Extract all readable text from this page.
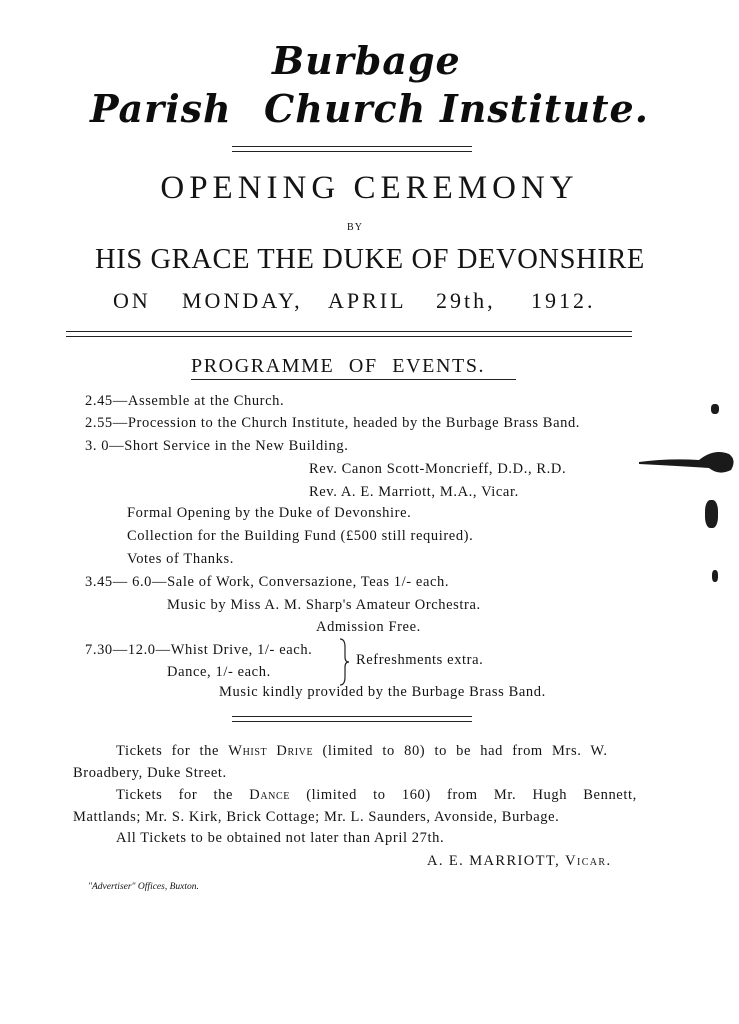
Burbage
Parish Church Institute.
OPENING CEREMONY
BY
HIS GRACE THE DUKE OF DEVONSHIRE
ON MONDAY, APRIL 29th, 1912.
PROGRAMME OF EVENTS.
2.45—Assemble at the Church.
2.55—Procession to the Church Institute, headed by the Burbage Brass Band.
3. 0—Short Service in the New Building.
Rev. Canon Scott-Moncrieff, D.D., R.D.
Rev. A. E. Marriott, M.A., Vicar.
Formal Opening by the Duke of Devonshire.
Collection for the Building Fund (£500 still required).
Votes of Thanks.
3.45— 6.0—Sale of Work, Conversazione, Teas 1/- each.
Music by Miss A. M. Sharp's Amateur Orchestra.
Admission Free.
7.30—12.0—Whist Drive, 1/- each.
Dance, 1/- each.
Refreshments extra.
Music kindly provided by the Burbage Brass Band.
Tickets for the Whist Drive (limited to 80) to be had from Mrs. W.
Broadbery, Duke Street.
Tickets for the Dance (limited to 160) from Mr. Hugh Bennett,
Mattlands; Mr. S. Kirk, Brick Cottage; Mr. L. Saunders, Avonside, Burbage.
All Tickets to be obtained not later than April 27th.
A. E. MARRIOTT, Vicar.
"Advertiser" Offices, Buxton.
